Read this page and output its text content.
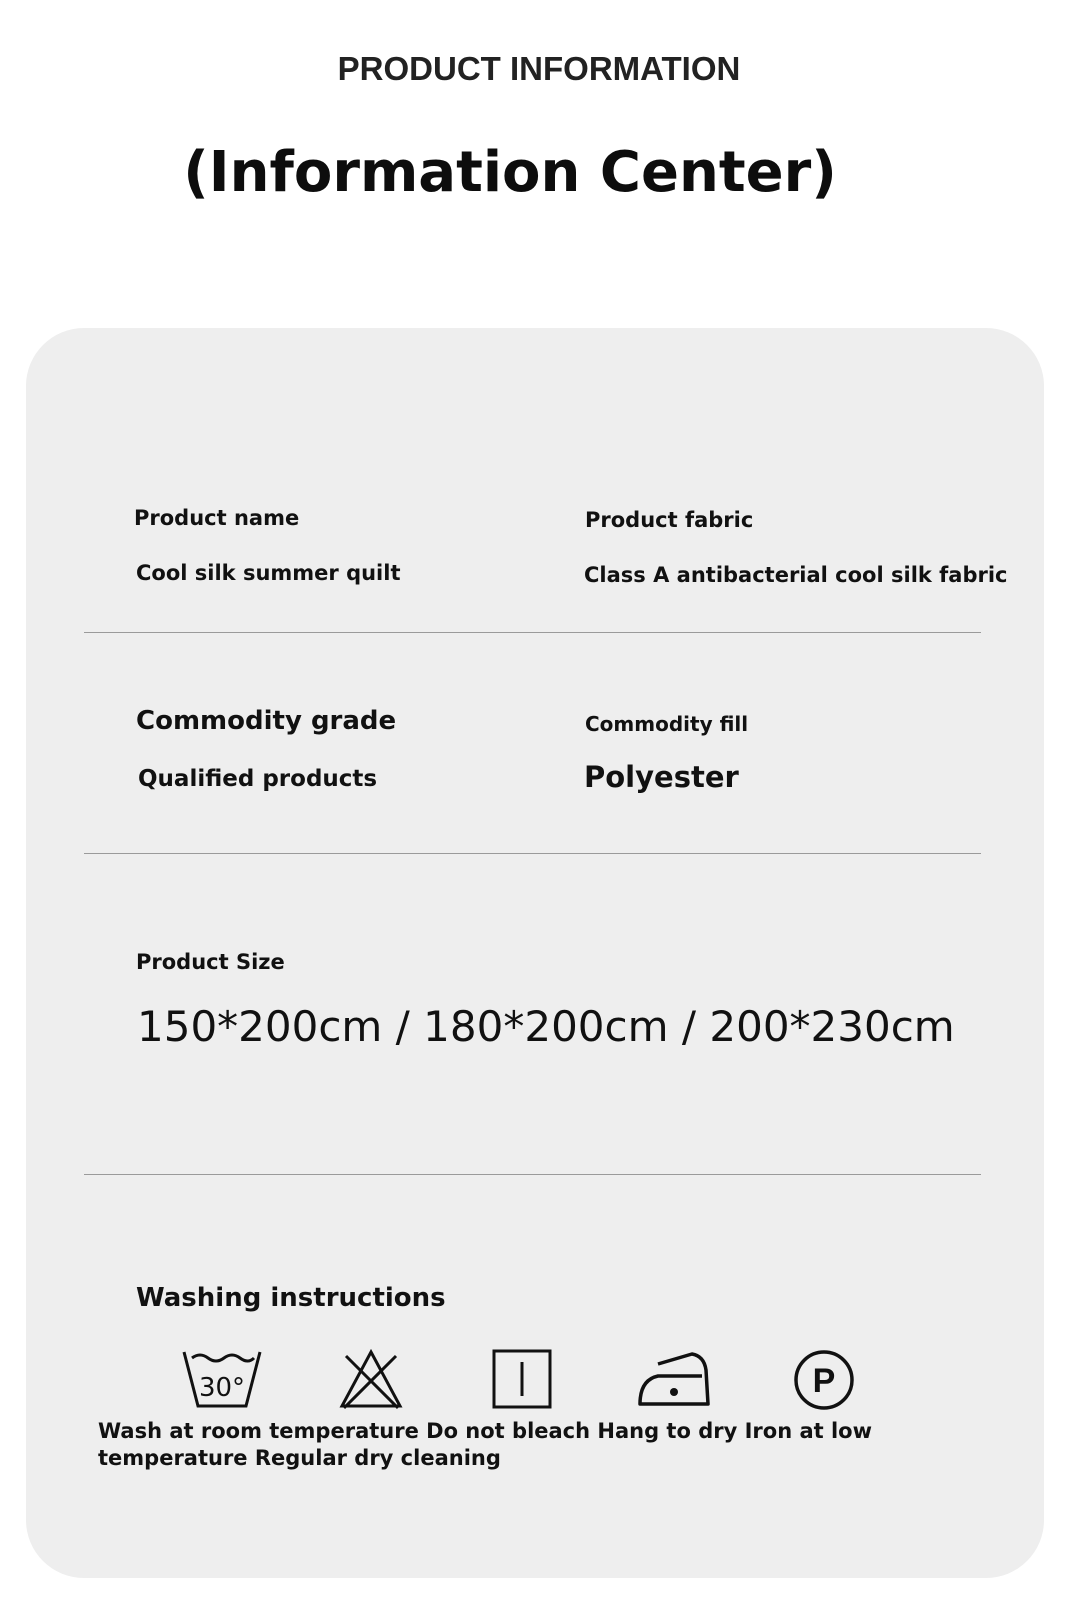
PRODUCT INFORMATION
(Information Center)
Product name
Cool silk summer quilt
Product fabric
Class A antibacterial cool silk fabric
Commodity grade
Qualified products
Commodity fill
Polyester
Product Size
150*200cm / 180*200cm / 200*230cm
Washing instructions
30°	P
Wash at room temperature Do not bleach Hang to dry Iron at low temperature Regular dry cleaning
